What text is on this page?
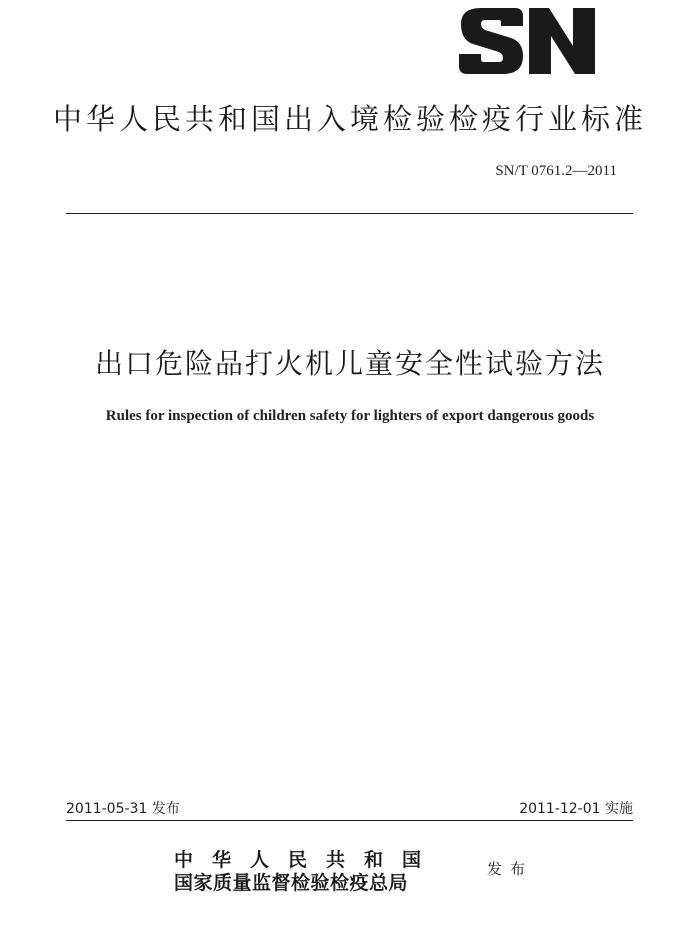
中华人民共和国出入境检验检疫行业标准
SN/T 0761.2—2011
出口危险品打火机儿童安全性试验方法
Rules for inspection of children safety for lighters of export dangerous goods
2011-05-31 发布	2011-12-01 实施
中华人民共和国
国家质量监督检验检疫总局
发布
